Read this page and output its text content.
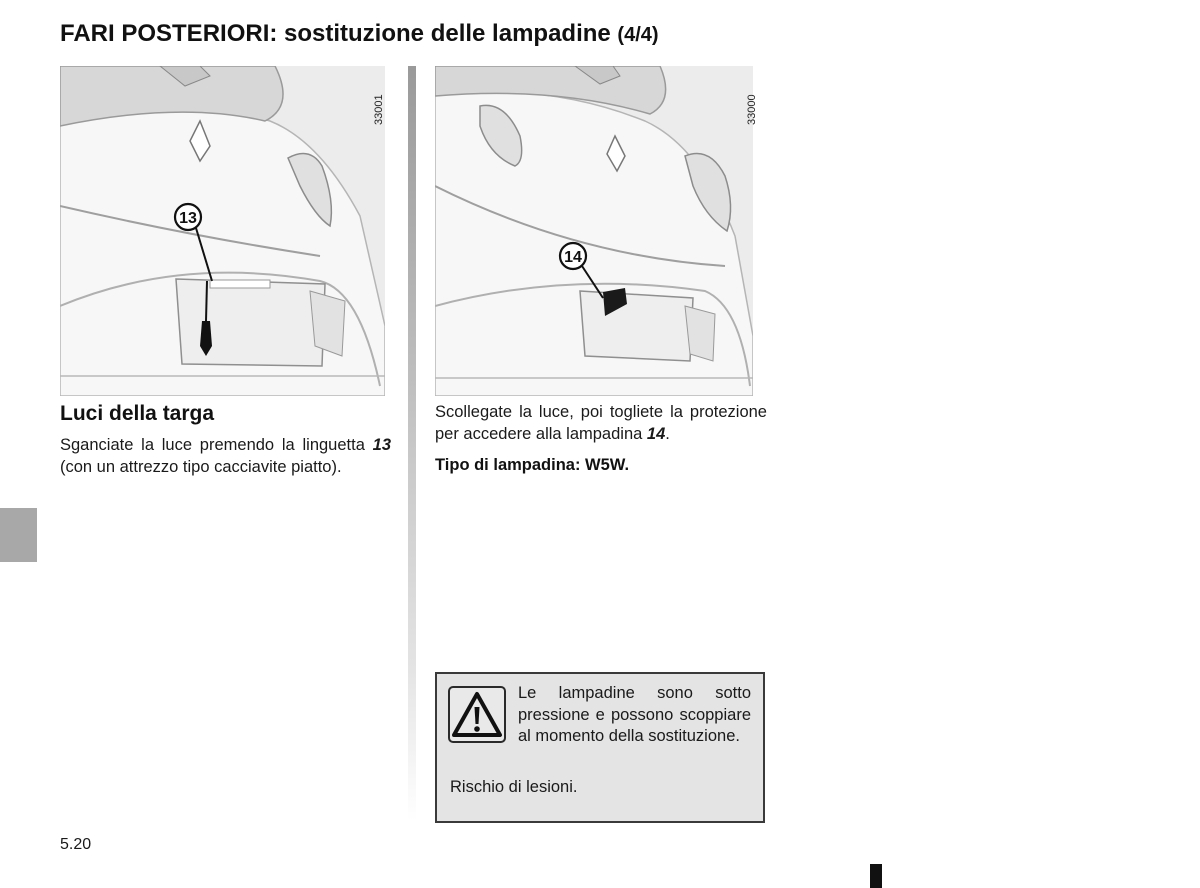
FARI POSTERIORI: sostituzione delle lampadine (4/4)
13
33001
14
33000
Luci della targa
Sganciate la luce premendo la linguetta 13 (con un attrezzo tipo cacciavite piatto).
Scollegate la luce, poi togliete la protezione per accedere alla lampadina 14.
Tipo di lampadina: W5W.
Le lampadine sono sotto pressione e possono scoppiare al momento della sostituzione.
Rischio di lesioni.
5.20
